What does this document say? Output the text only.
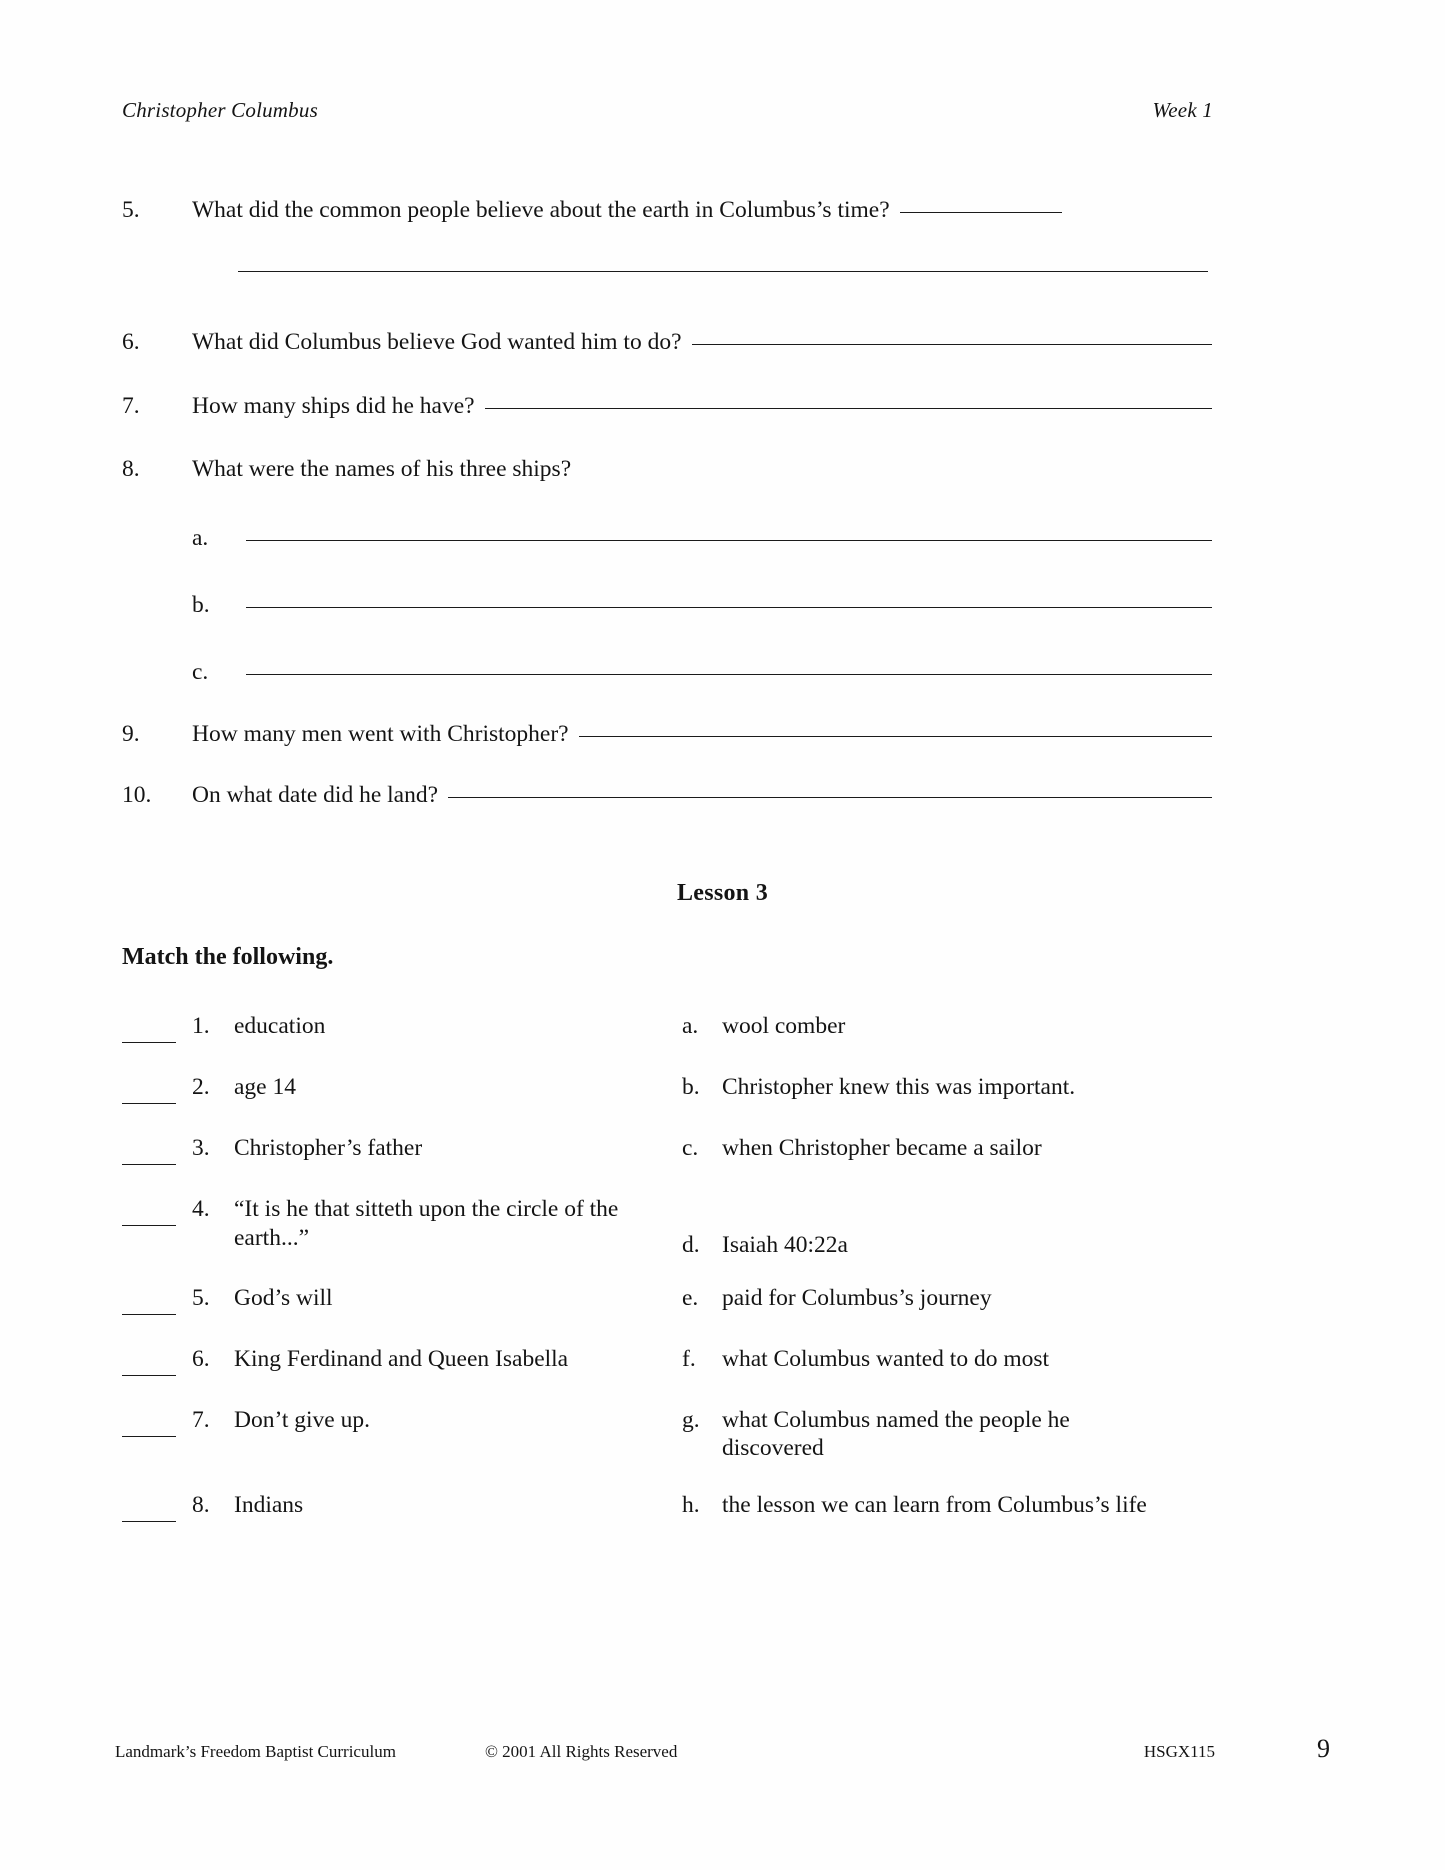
Christopher Columbus	Week 1
5.	What did the common people believe about the earth in Columbus’s time?
6.	What did Columbus believe God wanted him to do?
7.	How many ships did he have?
8.	What were the names of his three ships?
a.
b.
c.
9.	How many men went with Christopher?
10.	On what date did he land?
Lesson 3
Match the following.
1.	education	a.	wool comber
2.	age 14	b. Christopher knew this was important.
3.	Christopher’s father	c.	when Christopher became a sailor
4.	“It is he that sitteth upon the circle of the earth...”	d. Isaiah 40:22a
5.	God’s will	e.	paid for Columbus’s journey
6.	King Ferdinand and Queen Isabella	f.	what Columbus wanted to do most
7.	Don’t give up.	g. what Columbus named the people he discovered
8.	Indians	h. the lesson we can learn from Columbus’s life
Landmark’s Freedom Baptist Curriculum	© 2001 All Rights Reserved	HSGX115	9
